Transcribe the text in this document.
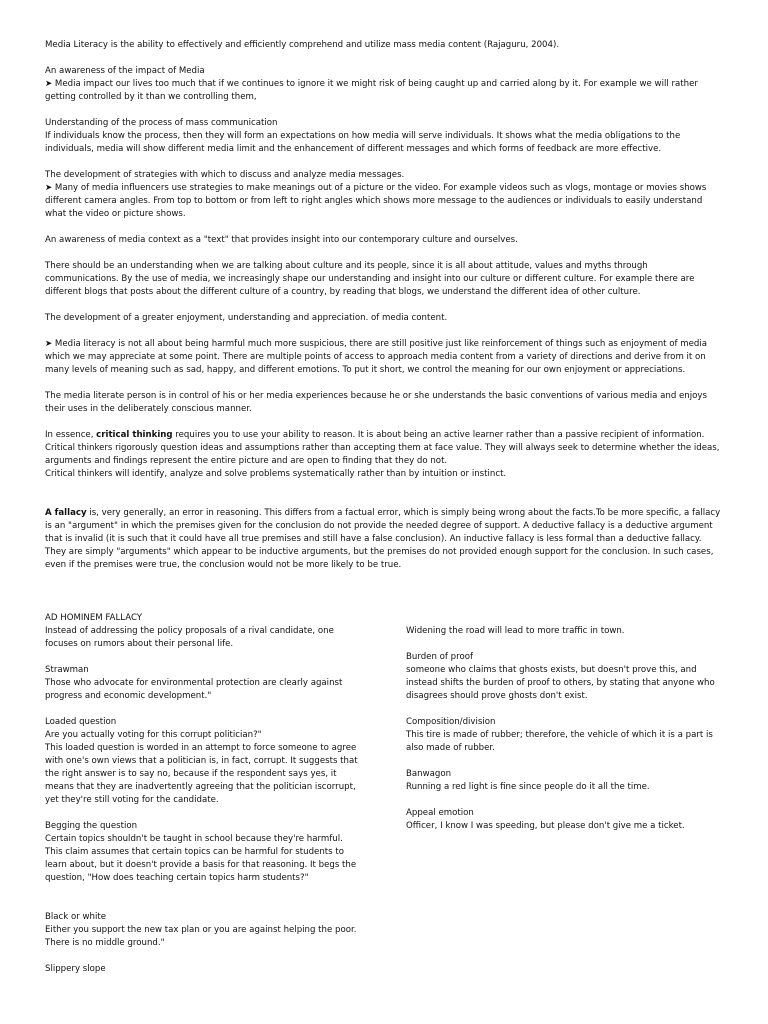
Media Literacy is the ability to effectively and efficiently comprehend and utilize mass media content (Rajaguru, 2004).

An awareness of the impact of Media

➤ Media impact our lives too much that if we continues to ignore it we might risk of being caught up and carried along by it. For example we will rather getting controlled by it than we controlling them,

Understanding of the process of mass communication

If individuals know the process, then they will form an expectations on how media will serve individuals. It shows what the media obligations to the individuals, media will show different media limit and the enhancement of different messages and which forms of feedback are more effective.

The development of strategies with which to discuss and analyze media messages.

➤ Many of media influencers use strategies to make meanings out of a picture or the video. For example videos such as vlogs, montage or movies shows different camera angles. From top to bottom or from left to right angles which shows more message to the audiences or individuals to easily understand what the video or picture shows.

An awareness of media context as a "text" that provides insight into our contemporary culture and ourselves.

There should be an understanding when we are talking about culture and its people, since it is all about attitude, values and myths through communications. By the use of media, we increasingly shape our understanding and insight into our culture or different culture. For example there are different blogs that posts about the different culture of a country, by reading that blogs, we understand the different idea of other culture.

The development of a greater enjoyment, understanding and appreciation. of media content.

➤ Media literacy is not all about being harmful much more suspicious, there are still positive just like reinforcement of things such as enjoyment of media which we may appreciate at some point. There are multiple points of access to approach media content from a variety of directions and derive from it on many levels of meaning such as sad, happy, and different emotions. To put it short, we control the meaning for our own enjoyment or appreciations.

The media literate person is in control of his or her media experiences because he or she understands the basic conventions of various media and enjoys their uses in the deliberately conscious manner.

In essence, critical thinking requires you to use your ability to reason. It is about being an active learner rather than a passive recipient of information.

Critical thinkers rigorously question ideas and assumptions rather than accepting them at face value. They will always seek to determine whether the ideas, arguments and findings represent the entire picture and are open to finding that they do not.

Critical thinkers will identify, analyze and solve problems systematically rather than by intuition or instinct.

A fallacy is, very generally, an error in reasoning. This differs from a factual error, which is simply being wrong about the facts.To be more specific, a fallacy is an "argument" in which the premises given for the conclusion do not provide the needed degree of support. A deductive fallacy is a deductive argument that is invalid (it is such that it could have all true premises and still have a false conclusion). An inductive fallacy is less formal than a deductive fallacy. They are simply "arguments" which appear to be inductive arguments, but the premises do not provided enough support for the conclusion. In such cases, even if the premises were true, the conclusion would not be more likely to be true.

AD HOMINEM FALLACY

Instead of addressing the policy proposals of a rival candidate, one focuses on rumors about their personal life.

Strawman

Those who advocate for environmental protection are clearly against progress and economic development."

Loaded question

Are you actually voting for this corrupt politician?"

This loaded question is worded in an attempt to force someone to agree with one's own views that a politician is, in fact, corrupt. It suggests that the right answer is to say no, because if the respondent says yes, it means that they are inadvertently agreeing that the politician iscorrupt, yet they're still voting for the candidate.

Begging the question

Certain topics shouldn't be taught in school because they're harmful.

This claim assumes that certain topics can be harmful for students to learn about, but it doesn't provide a basis for that reasoning. It begs the question, "How does teaching certain topics harm students?"

Black or white

Either you support the new tax plan or you are against helping the poor. There is no middle ground."

Slippery slope

Widening the road will lead to more traffic in town.

Burden of proof

someone who claims that ghosts exists, but doesn't prove this, and instead shifts the burden of proof to others, by stating that anyone who disagrees should prove ghosts don't exist.

Composition/division

This tire is made of rubber; therefore, the vehicle of which it is a part is also made of rubber.

Banwagon

Running a red light is fine since people do it all the time.

Appeal emotion

Officer, I know I was speeding, but please don't give me a ticket.
